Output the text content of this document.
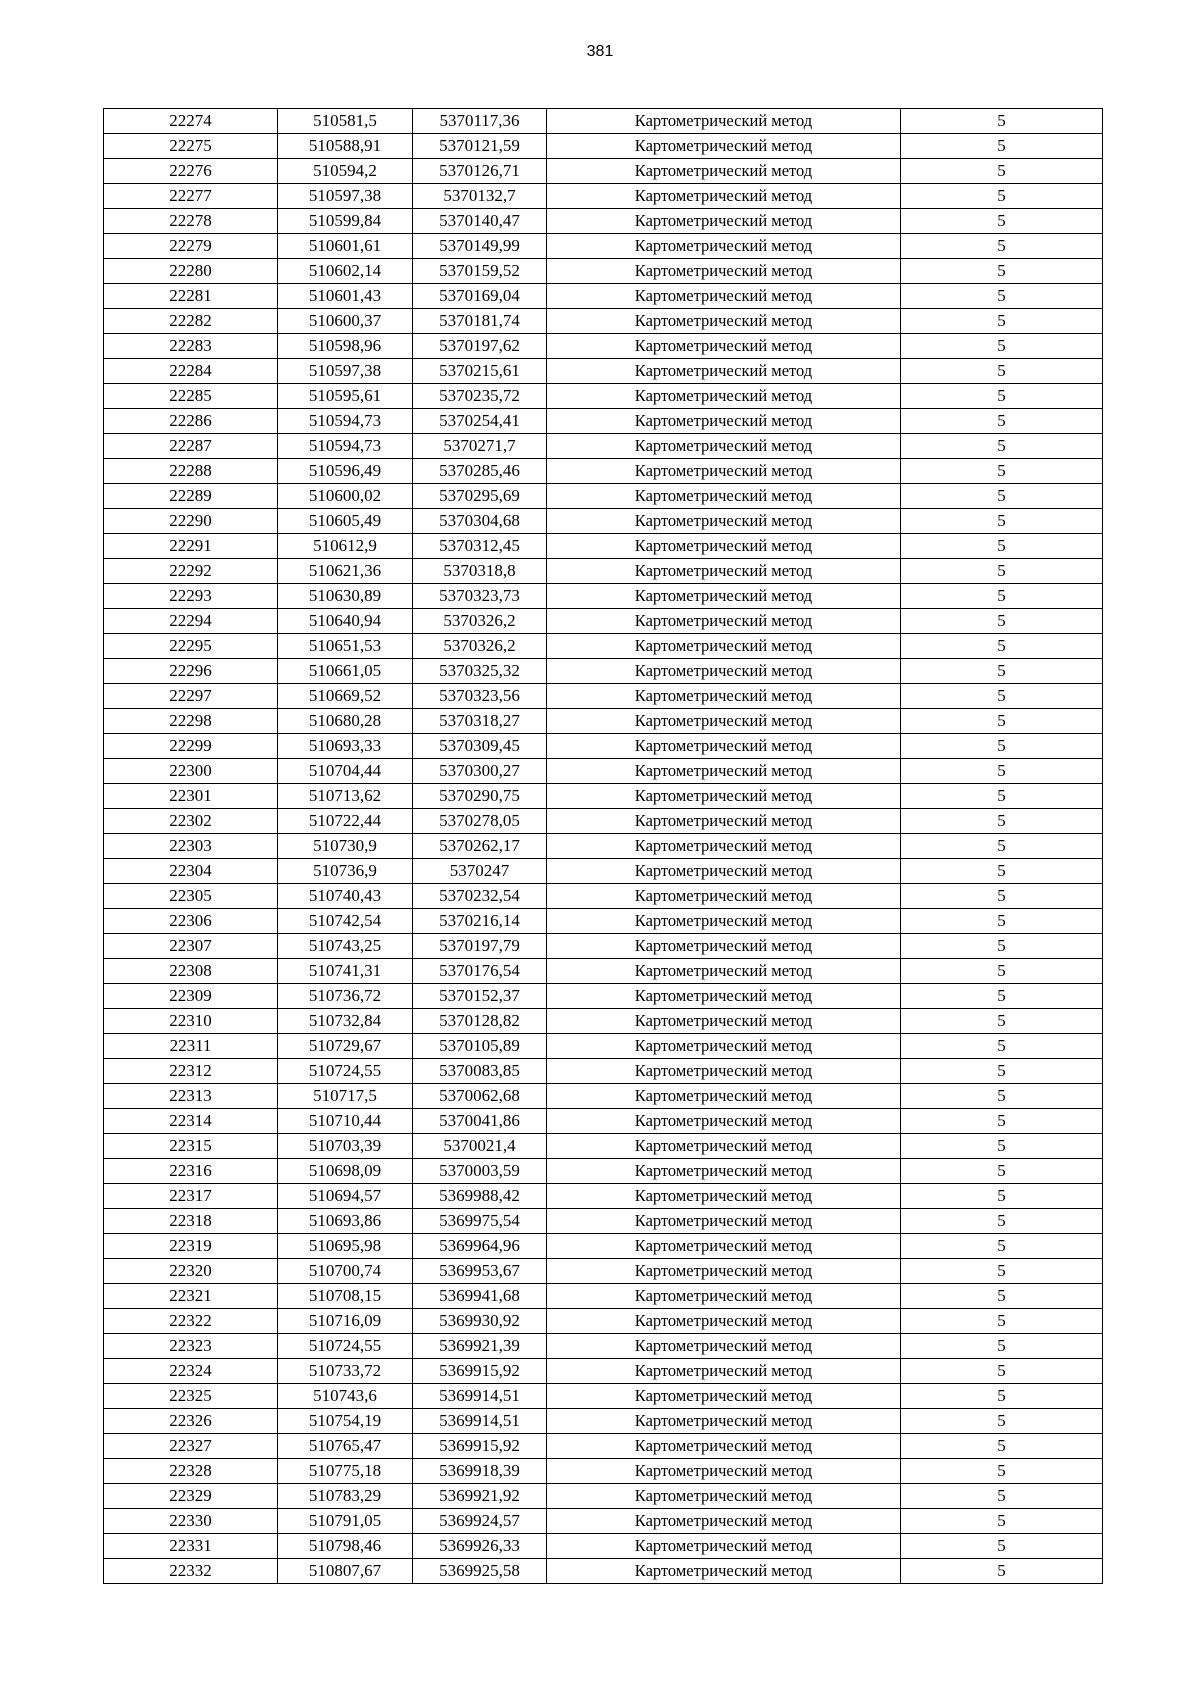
381
22274	510581,5	5370117,36	Картометрический метод	5
22275	510588,91	5370121,59	Картометрический метод	5
22276	510594,2	5370126,71	Картометрический метод	5
22277	510597,38	5370132,7	Картометрический метод	5
22278	510599,84	5370140,47	Картометрический метод	5
22279	510601,61	5370149,99	Картометрический метод	5
22280	510602,14	5370159,52	Картометрический метод	5
22281	510601,43	5370169,04	Картометрический метод	5
22282	510600,37	5370181,74	Картометрический метод	5
22283	510598,96	5370197,62	Картометрический метод	5
22284	510597,38	5370215,61	Картометрический метод	5
22285	510595,61	5370235,72	Картометрический метод	5
22286	510594,73	5370254,41	Картометрический метод	5
22287	510594,73	5370271,7	Картометрический метод	5
22288	510596,49	5370285,46	Картометрический метод	5
22289	510600,02	5370295,69	Картометрический метод	5
22290	510605,49	5370304,68	Картометрический метод	5
22291	510612,9	5370312,45	Картометрический метод	5
22292	510621,36	5370318,8	Картометрический метод	5
22293	510630,89	5370323,73	Картометрический метод	5
22294	510640,94	5370326,2	Картометрический метод	5
22295	510651,53	5370326,2	Картометрический метод	5
22296	510661,05	5370325,32	Картометрический метод	5
22297	510669,52	5370323,56	Картометрический метод	5
22298	510680,28	5370318,27	Картометрический метод	5
22299	510693,33	5370309,45	Картометрический метод	5
22300	510704,44	5370300,27	Картометрический метод	5
22301	510713,62	5370290,75	Картометрический метод	5
22302	510722,44	5370278,05	Картометрический метод	5
22303	510730,9	5370262,17	Картометрический метод	5
22304	510736,9	5370247	Картометрический метод	5
22305	510740,43	5370232,54	Картометрический метод	5
22306	510742,54	5370216,14	Картометрический метод	5
22307	510743,25	5370197,79	Картометрический метод	5
22308	510741,31	5370176,54	Картометрический метод	5
22309	510736,72	5370152,37	Картометрический метод	5
22310	510732,84	5370128,82	Картометрический метод	5
22311	510729,67	5370105,89	Картометрический метод	5
22312	510724,55	5370083,85	Картометрический метод	5
22313	510717,5	5370062,68	Картометрический метод	5
22314	510710,44	5370041,86	Картометрический метод	5
22315	510703,39	5370021,4	Картометрический метод	5
22316	510698,09	5370003,59	Картометрический метод	5
22317	510694,57	5369988,42	Картометрический метод	5
22318	510693,86	5369975,54	Картометрический метод	5
22319	510695,98	5369964,96	Картометрический метод	5
22320	510700,74	5369953,67	Картометрический метод	5
22321	510708,15	5369941,68	Картометрический метод	5
22322	510716,09	5369930,92	Картометрический метод	5
22323	510724,55	5369921,39	Картометрический метод	5
22324	510733,72	5369915,92	Картометрический метод	5
22325	510743,6	5369914,51	Картометрический метод	5
22326	510754,19	5369914,51	Картометрический метод	5
22327	510765,47	5369915,92	Картометрический метод	5
22328	510775,18	5369918,39	Картометрический метод	5
22329	510783,29	5369921,92	Картометрический метод	5
22330	510791,05	5369924,57	Картометрический метод	5
22331	510798,46	5369926,33	Картометрический метод	5
22332	510807,67	5369925,58	Картометрический метод	5
